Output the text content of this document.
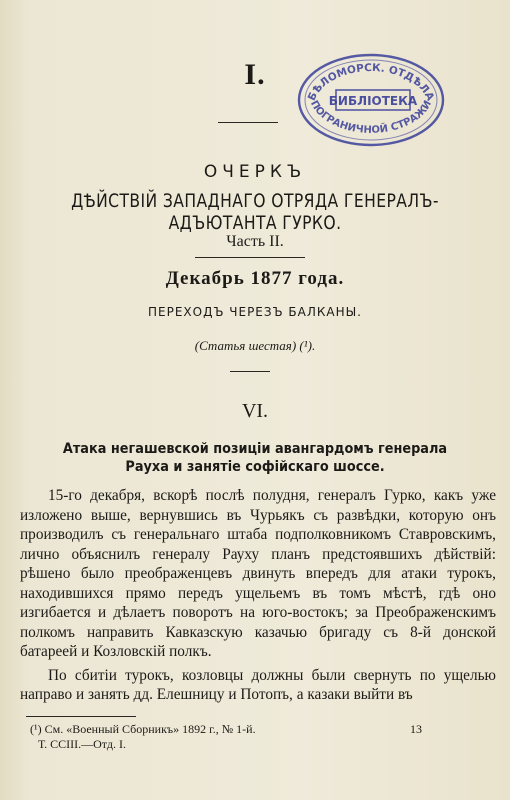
I.
БѢЛОМОРСК. ОТДѢЛА
БИБЛІОТЕКА
ПОГРАНИЧНОЙ СТРАЖИ
ОЧЕРКЪ
ДѢЙСТВІЙ ЗАПАДНАГО ОТРЯДА ГЕНЕРАЛЪ-АДЪЮТАНТА ГУРКО.
Часть II.
Декабрь 1877 года.
ПЕРЕХОДЪ ЧЕРЕЗЪ БАЛКАНЫ.
(Статья шестая) (¹).
VI.
Атака негашевской позиціи авангардомъ генерала Рауха и занятіе софійскаго шоссе.

15-го декабря, вскорѣ послѣ полудня, генералъ Гурко, какъ уже изложено выше, вернувшись въ Чурьякъ съ развѣдки, которую онъ производилъ съ генеральнаго штаба подполковникомъ Ставровскимъ, лично объяснилъ генералу Рауху планъ предстоявшихъ дѣйствій: рѣшено было преображенцевъ двинуть впередъ для атаки турокъ, находившихся прямо передъ ущельемъ въ томъ мѣстѣ, гдѣ оно изгибается и дѣлаетъ поворотъ на юго-востокъ; за Преображенскимъ полкомъ направить Кавказскую казачью бригаду съ 8-й донской батареей и Козловскій полкъ.

По сбитіи турокъ, козловцы должны были свернуть по ущелью направо и занять дд. Елешницу и Потопъ, а казаки выйти въ

(¹) См. «Военный Сборникъ» 1892 г., № 1-й.
Т. СCIII.—Отд. I.
13
